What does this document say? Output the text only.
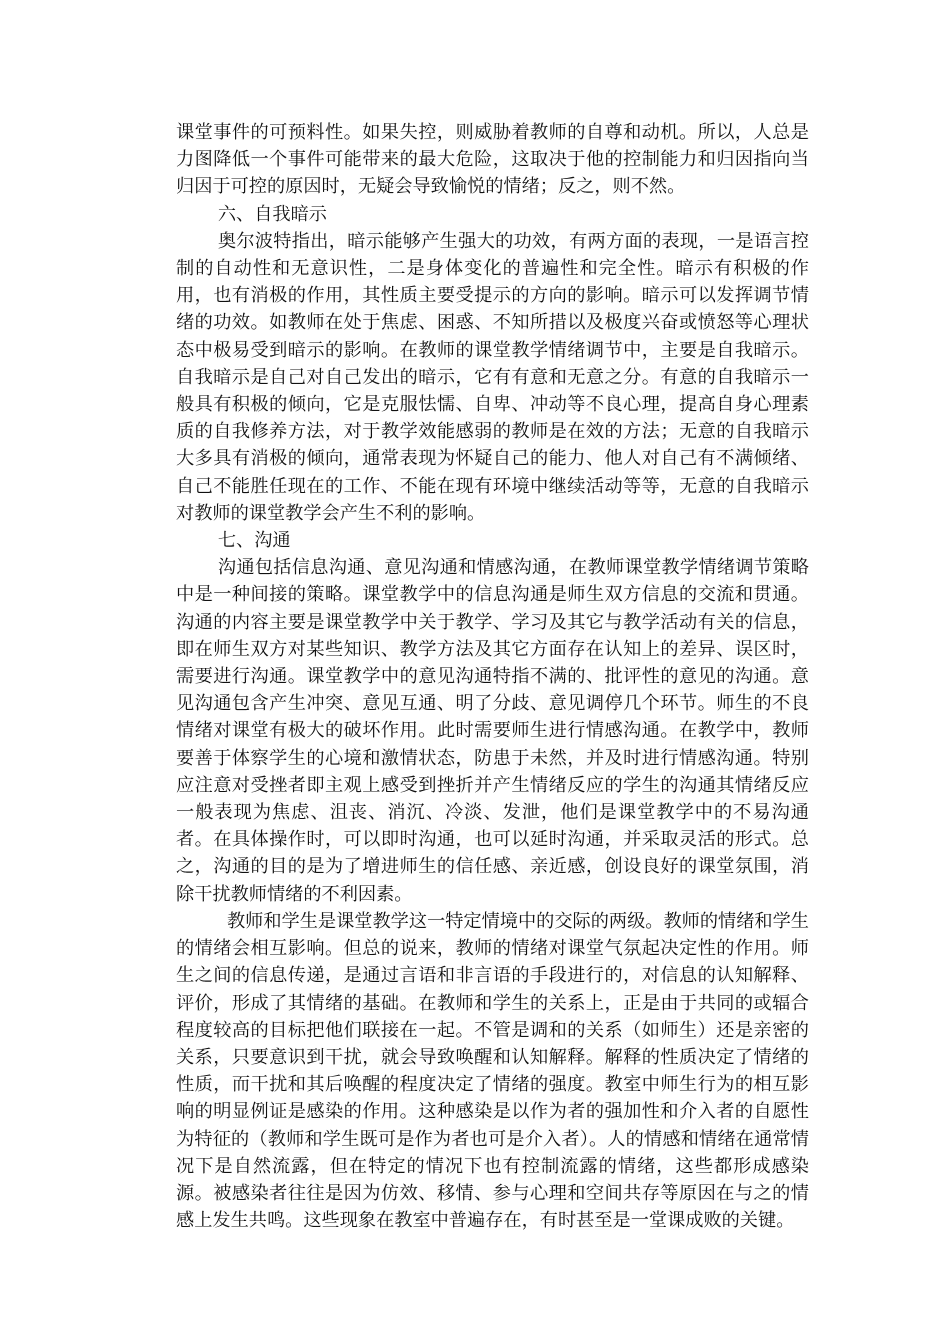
课堂事件的可预料性。如果失控，则威胁着教师的自尊和动机。所以，人总是力图降低一个事件可能带来的最大危险，这取决于他的控制能力和归因指向当归因于可控的原因时，无疑会导致愉悦的情绪；反之，则不然。

六、自我暗示

奥尔波特指出，暗示能够产生强大的功效，有两方面的表现，一是语言控制的自动性和无意识性，二是身体变化的普遍性和完全性。暗示有积极的作用，也有消极的作用，其性质主要受提示的方向的影响。暗示可以发挥调节情绪的功效。如教师在处于焦虑、困惑、不知所措以及极度兴奋或愤怒等心理状态中极易受到暗示的影响。在教师的课堂教学情绪调节中，主要是自我暗示。自我暗示是自己对自己发出的暗示，它有有意和无意之分。有意的自我暗示一般具有积极的倾向，它是克服怯懦、自卑、冲动等不良心理，提高自身心理素质的自我修养方法，对于教学效能感弱的教师是在效的方法；无意的自我暗示大多具有消极的倾向，通常表现为怀疑自己的能力、他人对自己有不满倾绪、自己不能胜任现在的工作、不能在现有环境中继续活动等等，无意的自我暗示对教师的课堂教学会产生不利的影响。

七、沟通

沟通包括信息沟通、意见沟通和情感沟通，在教师课堂教学情绪调节策略中是一种间接的策略。课堂教学中的信息沟通是师生双方信息的交流和贯通。沟通的内容主要是课堂教学中关于教学、学习及其它与教学活动有关的信息，即在师生双方对某些知识、教学方法及其它方面存在认知上的差异、误区时，需要进行沟通。课堂教学中的意见沟通特指不满的、批评性的意见的沟通。意见沟通包含产生冲突、意见互通、明了分歧、意见调停几个环节。师生的不良情绪对课堂有极大的破坏作用。此时需要师生进行情感沟通。在教学中，教师要善于体察学生的心境和激情状态，防患于未然，并及时进行情感沟通。特别应注意对受挫者即主观上感受到挫折并产生情绪反应的学生的沟通其情绪反应一般表现为焦虑、沮丧、消沉、冷淡、发泄，他们是课堂教学中的不易沟通者。在具体操作时，可以即时沟通，也可以延时沟通，并采取灵活的形式。总之，沟通的目的是为了增进师生的信任感、亲近感，创设良好的课堂氛围，消除干扰教师情绪的不利因素。

教师和学生是课堂教学这一特定情境中的交际的两级。教师的情绪和学生的情绪会相互影响。但总的说来，教师的情绪对课堂气氛起决定性的作用。师生之间的信息传递，是通过言语和非言语的手段进行的，对信息的认知解释、评价，形成了其情绪的基础。在教师和学生的关系上，正是由于共同的或辐合程度较高的目标把他们联接在一起。不管是调和的关系（如师生）还是亲密的关系，只要意识到干扰，就会导致唤醒和认知解释。解释的性质决定了情绪的性质，而干扰和其后唤醒的程度决定了情绪的强度。教室中师生行为的相互影响的明显例证是感染的作用。这种感染是以作为者的强加性和介入者的自愿性为特征的（教师和学生既可是作为者也可是介入者）。人的情感和情绪在通常情况下是自然流露，但在特定的情况下也有控制流露的情绪，这些都形成感染源。被感染者往往是因为仿效、移情、参与心理和空间共存等原因在与之的情感上发生共鸣。这些现象在教室中普遍存在，有时甚至是一堂课成败的关键。
